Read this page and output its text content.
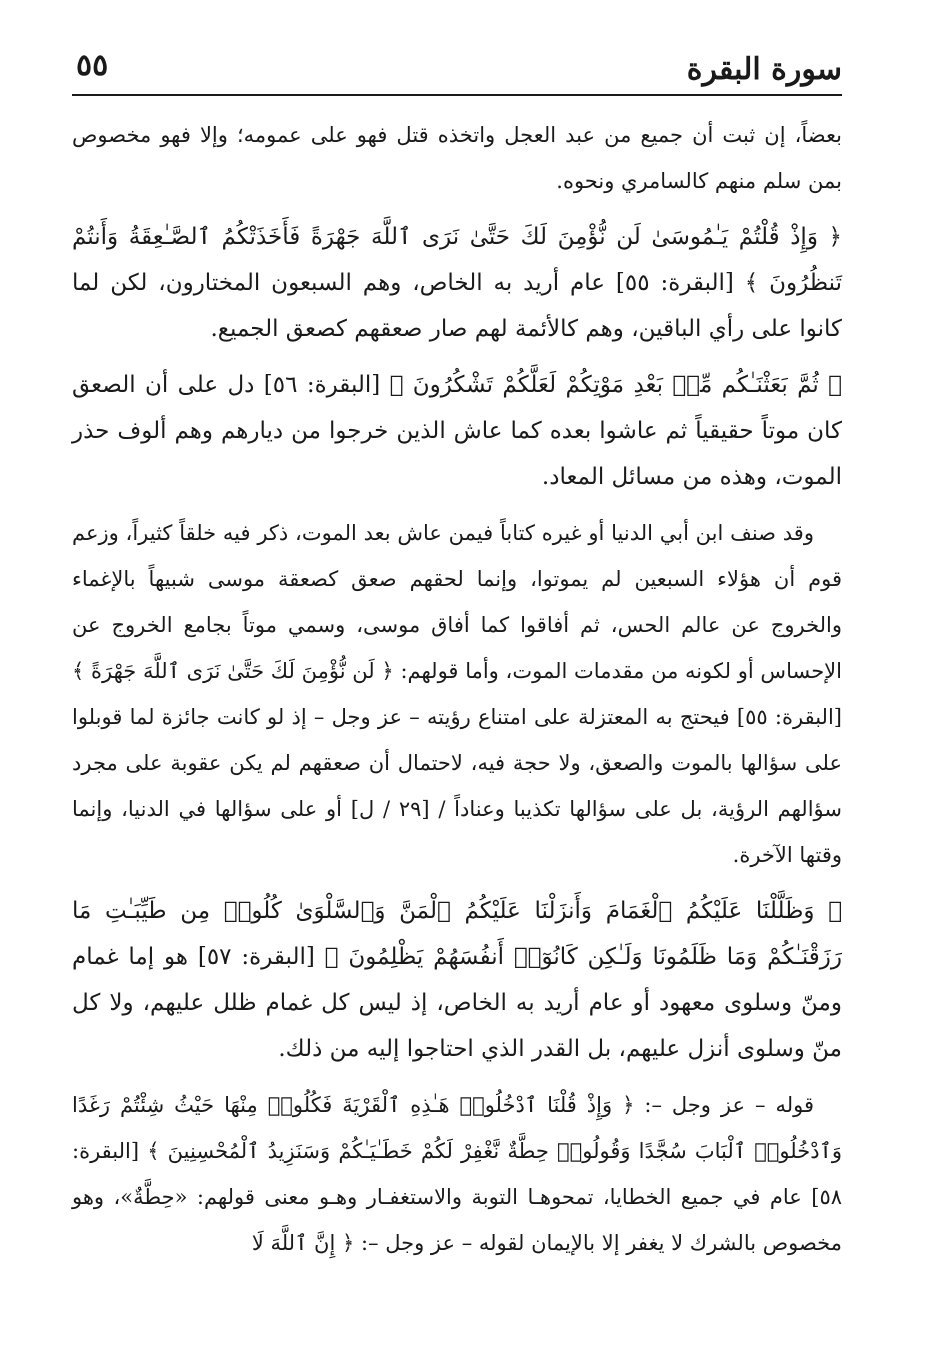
سورة البقرة
٥٥

بعضاً، إن ثبت أن جميع من عبد العجل واتخذه قتل فهو على عمومه؛ وإلا فهو مخصوص بمن سلم منهم كالسامري ونحوه.

﴿ وَإِذْ قُلْتُمْ يَـٰمُوسَىٰ لَن نُّؤْمِنَ لَكَ حَتَّىٰ نَرَى ٱللَّهَ جَهْرَةً فَأَخَذَتْكُمُ ٱلصَّـٰعِقَةُ وَأَنتُمْ تَنظُرُونَ ﴾ [البقرة: ٥٥] عام أريد به الخاص، وهم السبعون المختارون، لكن لما كانوا على رأي الباقين، وهم كالأئمة لهم صار صعقهم كصعق الجميع.

﴿ ثُمَّ بَعَثْنَـٰكُم مِّنۢ بَعْدِ مَوْتِكُمْ لَعَلَّكُمْ تَشْكُرُونَ ﴾ [البقرة: ٥٦] دل على أن الصعق كان موتاً حقيقياً ثم عاشوا بعده كما عاش الذين خرجوا من ديارهم وهم ألوف حذر الموت، وهذه من مسائل المعاد.

وقد صنف ابن أبي الدنيا أو غيره كتاباً فيمن عاش بعد الموت، ذكر فيه خلقاً كثيراً، وزعم قوم أن هؤلاء السبعين لم يموتوا، وإنما لحقهم صعق كصعقة موسى شبيهاً بالإغماء والخروج عن عالم الحس، ثم أفاقوا كما أفاق موسى، وسمي موتاً بجامع الخروج عن الإحساس أو لكونه من مقدمات الموت، وأما قولهم: ﴿ لَن نُّؤْمِنَ لَكَ حَتَّىٰ نَرَى ٱللَّهَ جَهْرَةً ﴾ [البقرة: ٥٥] فيحتج به المعتزلة على امتناع رؤيته – عز وجل – إذ لو كانت جائزة لما قوبلوا على سؤالها بالموت والصعق، ولا حجة فيه، لاحتمال أن صعقهم لم يكن عقوبة على مجرد سؤالهم الرؤية، بل على سؤالها تكذيبا وعناداً / [٢٩ / ل] أو على سؤالها في الدنيا، وإنما وقتها الآخرة.

﴿ وَظَلَّلْنَا عَلَيْكُمُ ٱلْغَمَامَ وَأَنزَلْنَا عَلَيْكُمُ ٱلْمَنَّ وَٱلسَّلْوَىٰ كُلُوا۟ مِن طَيِّبَـٰتِ مَا رَزَقْنَـٰكُمْ وَمَا ظَلَمُونَا وَلَـٰكِن كَانُوٓا۟ أَنفُسَهُمْ يَظْلِمُونَ ﴾ [البقرة: ٥٧] هو إما غمام ومنّ وسلوى معهود أو عام أريد به الخاص، إذ ليس كل غمام ظلل عليهم، ولا كل منّ وسلوى أنزل عليهم، بل القدر الذي احتاجوا إليه من ذلك.

قوله – عز وجل –: ﴿ وَإِذْ قُلْنَا ٱدْخُلُوا۟ هَـٰذِهِ ٱلْقَرْيَةَ فَكُلُوا۟ مِنْهَا حَيْثُ شِئْتُمْ رَغَدًا وَٱدْخُلُوا۟ ٱلْبَابَ سُجَّدًا وَقُولُوا۟ حِطَّةٌ نَّغْفِرْ لَكُمْ خَطَـٰيَـٰكُمْ وَسَنَزِيدُ ٱلْمُحْسِنِينَ ﴾ [البقرة: ٥٨] عام في جميع الخطايا، تمحوهـا التوبة والاستغفـار وهـو معنى قولهم: «حِطَّةٌ»، وهو مخصوص بالشرك لا يغفر إلا بالإيمان لقوله – عز وجل –: ﴿ إِنَّ ٱللَّهَ لَا
